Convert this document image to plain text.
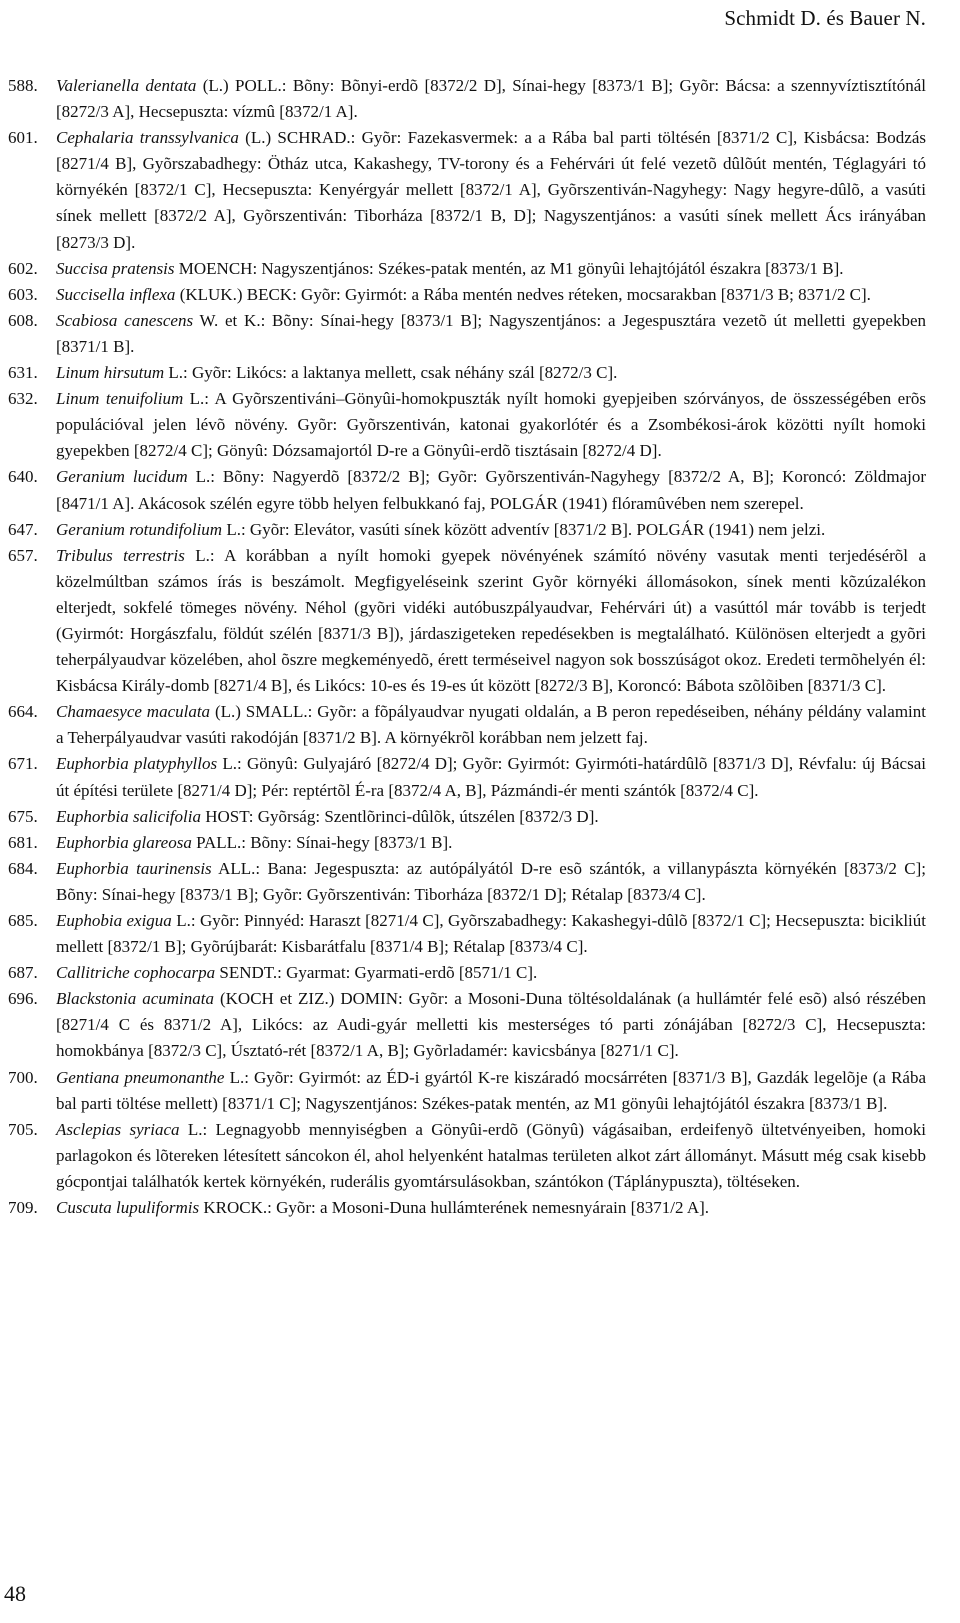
Schmidt D. és Bauer N.
588. Valerianella dentata (L.) POLL.: Bõny: Bõnyi-erdõ [8372/2 D], Sínai-hegy [8373/1 B]; Gyõr: Bácsa: a szennyvíztisztítónál [8272/3 A], Hecsepuszta: vízmû [8372/1 A].
601. Cephalaria transsylvanica (L.) SCHRAD.: Gyõr: Fazekasvermek: a a Rába bal parti töltésén [8371/2 C], Kisbácsa: Bodzás [8271/4 B], Gyõrszabadhegy: Ötház utca, Kakashegy, TV-torony és a Fehérvári út felé vezetõ dûlõút mentén, Téglagyári tó környékén [8372/1 C], Hecsepuszta: Kenyérgyár mellett [8372/1 A], Gyõrszentiván-Nagyhegy: Nagy hegyre-dûlõ, a vasúti sínek mellett [8372/2 A], Gyõrszentiván: Tiborháza [8372/1 B, D]; Nagyszentjános: a vasúti sínek mellett Ács irányában [8273/3 D].
602. Succisa pratensis MOENCH: Nagyszentjános: Székes-patak mentén, az M1 gönyûi lehajtójától északra [8373/1 B].
603. Succisella inflexa (KLUK.) BECK: Gyõr: Gyirmót: a Rába mentén nedves réteken, mocsarakban [8371/3 B; 8371/2 C].
608. Scabiosa canescens W. et K.: Bõny: Sínai-hegy [8373/1 B]; Nagyszentjános: a Jegespusztára vezetõ út melletti gyepekben [8371/1 B].
631. Linum hirsutum L.: Gyõr: Likócs: a laktanya mellett, csak néhány szál [8272/3 C].
632. Linum tenuifolium L.: A Gyõrszentiváni–Gönyûi-homokpuszták nyílt homoki gyepjeiben szórványos, de összességében erõs populációval jelen lévõ növény. Gyõr: Gyõrszentiván, katonai gyakorlótér és a Zsombékosi-árok közötti nyílt homoki gyepekben [8272/4 C]; Gönyû: Dózsamajortól D-re a Gönyûi-erdõ tisztásain [8272/4 D].
640. Geranium lucidum L.: Bõny: Nagyerdõ [8372/2 B]; Gyõr: Gyõrszentiván-Nagyhegy [8372/2 A, B]; Koroncó: Zöldmajor [8471/1 A]. Akácosok szélén egyre több helyen felbukkanó faj, POLGÁR (1941) flóramûvében nem szerepel.
647. Geranium rotundifolium L.: Gyõr: Elevátor, vasúti sínek között adventív [8371/2 B]. POLGÁR (1941) nem jelzi.
657. Tribulus terrestris L.: A korábban a nyílt homoki gyepek növényének számító növény vasutak menti terjedésérõl a közelmúltban számos írás is beszámolt. Megfigyeléseink szerint Gyõr környéki állomásokon, sínek menti kõzúzalékon elterjedt, sokfelé tömeges növény. Néhol (gyõri vidéki autóbuszpályaudvar, Fehérvári út) a vasúttól már tovább is terjedt (Gyirmót: Horgászfalu, földút szélén [8371/3 B]), járdaszigeteken repedésekben is megtalálható. Különösen elterjedt a gyõri teherpályaudvar közelében, ahol õszre megkeményedõ, érett terméseivel nagyon sok bosszúságot okoz. Eredeti termõhelyén él: Kisbácsa Király-domb [8271/4 B], és Likócs: 10-es és 19-es út között [8272/3 B], Koroncó: Bábota szõlõiben [8371/3 C].
664. Chamaesyce maculata (L.) SMALL.: Gyõr: a fõpályaudvar nyugati oldalán, a B peron repedéseiben, néhány példány valamint a Teherpályaudvar vasúti rakodóján [8371/2 B]. A környékrõl korábban nem jelzett faj.
671. Euphorbia platyphyllos L.: Gönyû: Gulyajáró [8272/4 D]; Gyõr: Gyirmót: Gyirmóti-határdûlõ [8371/3 D], Révfalu: új Bácsai út építési területe [8271/4 D]; Pér: reptértõl É-ra [8372/4 A, B], Pázmándi-ér menti szántók [8372/4 C].
675. Euphorbia salicifolia HOST: Gyõrság: Szentlõrinci-dûlõk, útszélen [8372/3 D].
681. Euphorbia glareosa PALL.: Bõny: Sínai-hegy [8373/1 B].
684. Euphorbia taurinensis ALL.: Bana: Jegespuszta: az autópályától D-re esõ szántók, a villanypászta környékén [8373/2 C]; Bõny: Sínai-hegy [8373/1 B]; Gyõr: Gyõrszentiván: Tiborháza [8372/1 D]; Rétalap [8373/4 C].
685. Euphobia exigua L.: Gyõr: Pinnyéd: Haraszt [8271/4 C], Gyõrszabadhegy: Kakashegyi-dûlõ [8372/1 C]; Hecsepuszta: bicikliút mellett [8372/1 B]; Gyõrújbarát: Kisbarátfalu [8371/4 B]; Rétalap [8373/4 C].
687. Callitriche cophocarpa SENDT.: Gyarmat: Gyarmati-erdõ [8571/1 C].
696. Blackstonia acuminata (KOCH et ZIZ.) DOMIN: Gyõr: a Mosoni-Duna töltésoldalának (a hullámtér felé esõ) alsó részében [8271/4 C és 8371/2 A], Likócs: az Audi-gyár melletti kis mesterséges tó parti zónájában [8272/3 C], Hecsepuszta: homokbánya [8372/3 C], Úsztató-rét [8372/1 A, B]; Gyõrladamér: kavicsbánya [8271/1 C].
700. Gentiana pneumonanthe L.: Gyõr: Gyirmót: az ÉD-i gyártól K-re kiszáradó mocsárréten [8371/3 B], Gazdák legelõje (a Rába bal parti töltése mellett) [8371/1 C]; Nagyszentjános: Székes-patak mentén, az M1 gönyûi lehajtójától északra [8373/1 B].
705. Asclepias syriaca L.: Legnagyobb mennyiségben a Gönyûi-erdõ (Gönyû) vágásaiban, erdeifenyõ ültetvényeiben, homoki parlagokon és lõtereken létesített sáncokon él, ahol helyenként hatalmas területen alkot zárt állományt. Másutt még csak kisebb gócpontjai találhatók kertek környékén, ruderális gyomtársulásokban, szántókon (Táplánypuszta), töltéseken.
709. Cuscuta lupuliformis KROCK.: Gyõr: a Mosoni-Duna hullámterének nemesnyárain [8371/2 A].
48
